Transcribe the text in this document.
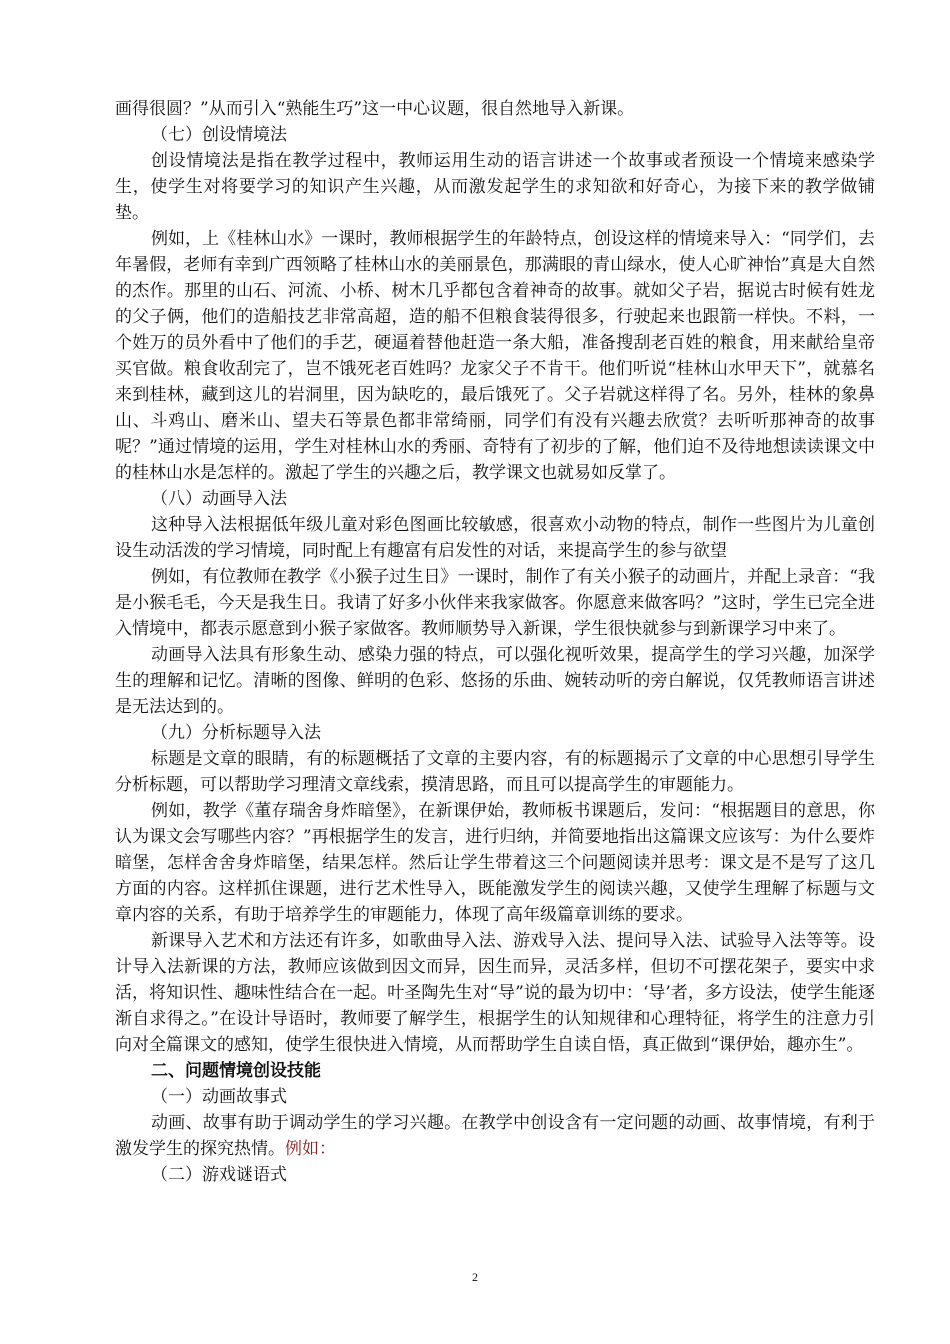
画得很圆？”从而引入“熟能生巧”这一中心议题，很自然地导入新课。

（七）创设情境法

创设情境法是指在教学过程中，教师运用生动的语言讲述一个故事或者预设一个情境来感染学生，使学生对将要学习的知识产生兴趣，从而激发起学生的求知欲和好奇心，为接下来的教学做铺垫。

例如，上《桂林山水》一课时，教师根据学生的年龄特点，创设这样的情境来导入：“同学们，去年暑假，老师有幸到广西领略了桂林山水的美丽景色，那满眼的青山绿水，使人心旷神怡”真是大自然的杰作。那里的山石、河流、小桥、树木几乎都包含着神奇的故事。就如父子岩，据说古时候有姓龙的父子俩，他们的造船技艺非常高超，造的船不但粮食装得很多，行驶起来也跟箭一样快。不料，一个姓万的员外看中了他们的手艺，硬逼着替他赶造一条大船，准备搜刮老百姓的粮食，用来献给皇帝买官做。粮食收刮完了，岂不饿死老百姓吗？龙家父子不肯干。他们听说“桂林山水甲天下”，就慕名来到桂林，藏到这儿的岩洞里，因为缺吃的，最后饿死了。父子岩就这样得了名。另外，桂林的象鼻山、斗鸡山、磨米山、望夫石等景色都非常绮丽，同学们有没有兴趣去欣赏？去听听那神奇的故事呢？”通过情境的运用，学生对桂林山水的秀丽、奇特有了初步的了解，他们迫不及待地想读读课文中的桂林山水是怎样的。激起了学生的兴趣之后，教学课文也就易如反掌了。

（八）动画导入法

这种导入法根据低年级儿童对彩色图画比较敏感，很喜欢小动物的特点，制作一些图片为儿童创设生动活泼的学习情境，同时配上有趣富有启发性的对话，来提高学生的参与欲望

例如，有位教师在教学《小猴子过生日》一课时，制作了有关小猴子的动画片，并配上录音：“我是小猴毛毛，今天是我生日。我请了好多小伙伴来我家做客。你愿意来做客吗？”这时，学生已完全进入情境中，都表示愿意到小猴子家做客。教师顺势导入新课，学生很快就参与到新课学习中来了。

动画导入法具有形象生动、感染力强的特点，可以强化视听效果，提高学生的学习兴趣，加深学生的理解和记忆。清晰的图像、鲜明的色彩、悠扬的乐曲、婉转动听的旁白解说，仅凭教师语言讲述是无法达到的。

（九）分析标题导入法

标题是文章的眼睛，有的标题概括了文章的主要内容，有的标题揭示了文章的中心思想引导学生分析标题，可以帮助学习理清文章线索，摸清思路，而且可以提高学生的审题能力。

例如，教学《董存瑞舍身炸暗堡》，在新课伊始，教师板书课题后，发问：“根据题目的意思，你认为课文会写哪些内容？”再根据学生的发言，进行归纳，并简要地指出这篇课文应该写：为什么要炸暗堡，怎样舍舍身炸暗堡，结果怎样。然后让学生带着这三个问题阅读并思考：课文是不是写了这几方面的内容。这样抓住课题，进行艺术性导入，既能激发学生的阅读兴趣，又使学生理解了标题与文章内容的关系，有助于培养学生的审题能力，体现了高年级篇章训练的要求。

新课导入艺术和方法还有许多，如歌曲导入法、游戏导入法、提问导入法、试验导入法等等。设计导入法新课的方法，教师应该做到因文而异，因生而异，灵活多样，但切不可摆花架子，要实中求活，将知识性、趣味性结合在一起。叶圣陶先生对“导”说的最为切中：‘导’者，多方设法，使学生能逐渐自求得之。”在设计导语时，教师要了解学生，根据学生的认知规律和心理特征，将学生的注意力引向对全篇课文的感知，使学生很快进入情境，从而帮助学生自读自悟，真正做到“课伊始，趣亦生”。

二、问题情境创设技能

（一）动画故事式

动画、故事有助于调动学生的学习兴趣。在教学中创设含有一定问题的动画、故事情境，有利于激发学生的探究热情。例如：

（二）游戏谜语式

2
